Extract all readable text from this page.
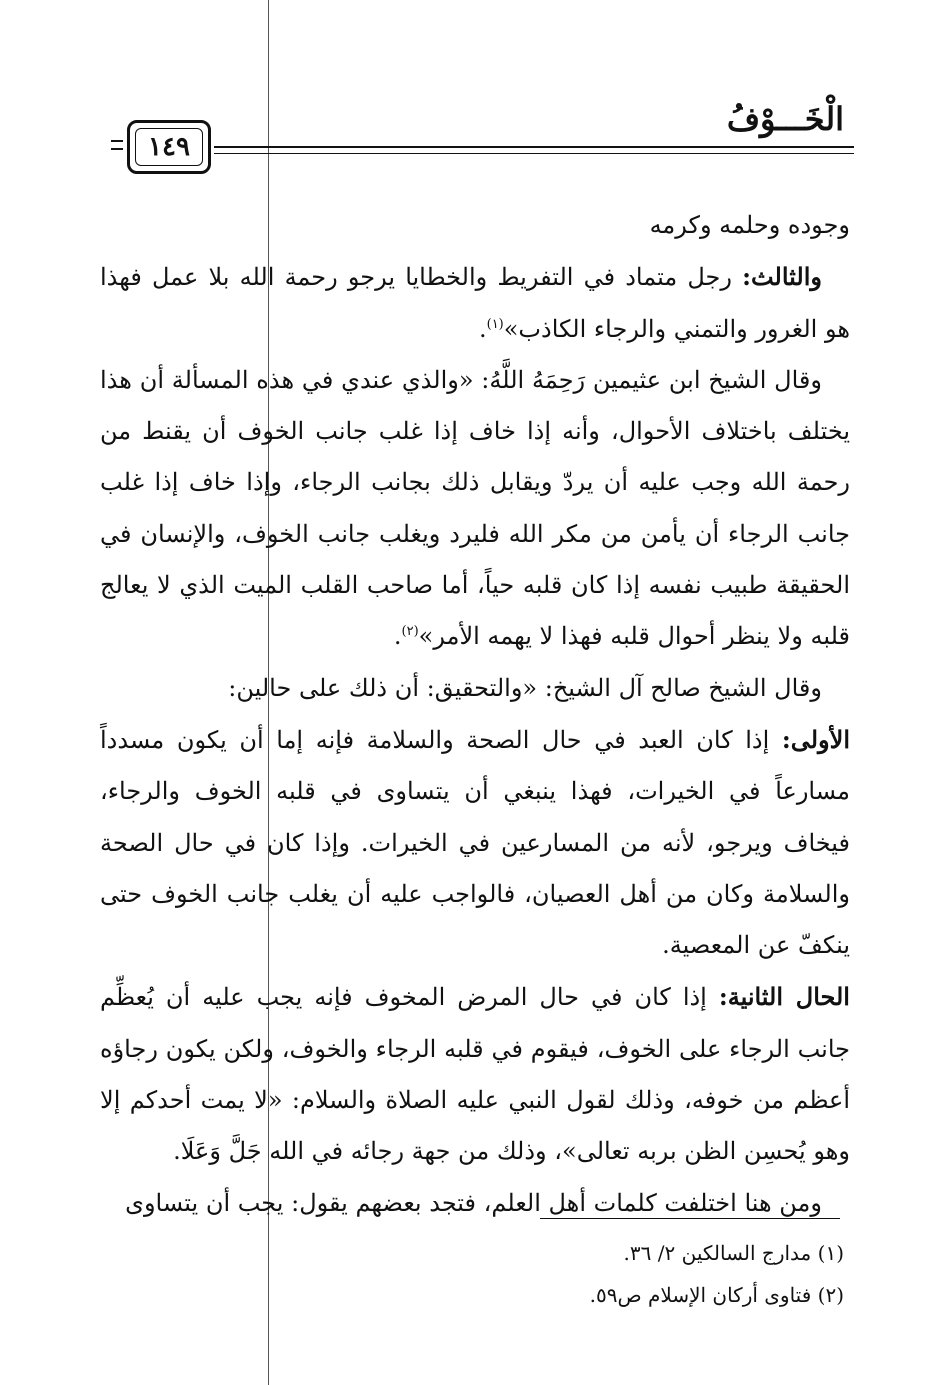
الْخَـــوْفُ
١٤٩

وجوده وحلمه وكرمه

والثالث: رجل متماد في التفريط والخطايا يرجو رحمة الله بلا عمل فهذا هو الغرور والتمني والرجاء الكاذب»$^{(١)}$.

وقال الشيخ ابن عثيمين رَحِمَهُ اللَّهُ: «والذي عندي في هذه المسألة أن هذا يختلف باختلاف الأحوال، وأنه إذا خاف إذا غلب جانب الخوف أن يقنط من رحمة الله وجب عليه أن يردّ ويقابل ذلك بجانب الرجاء، وإذا خاف إذا غلب جانب الرجاء أن يأمن من مكر الله فليرد ويغلب جانب الخوف، والإنسان في الحقيقة طبيب نفسه إذا كان قلبه حياً، أما صاحب القلب الميت الذي لا يعالج قلبه ولا ينظر أحوال قلبه فهذا لا يهمه الأمر»$^{(٢)}$.

وقال الشيخ صالح آل الشيخ: «والتحقيق: أن ذلك على حالين:

الأولى: إذا كان العبد في حال الصحة والسلامة فإنه إما أن يكون مسدداً مسارعاً في الخيرات، فهذا ينبغي أن يتساوى في قلبه الخوف والرجاء، فيخاف ويرجو، لأنه من المسارعين في الخيرات. وإذا كان في حال الصحة والسلامة وكان من أهل العصيان، فالواجب عليه أن يغلب جانب الخوف حتى ينكفّ عن المعصية.

الحال الثانية: إذا كان في حال المرض المخوف فإنه يجب عليه أن يُعظِّم جانب الرجاء على الخوف، فيقوم في قلبه الرجاء والخوف، ولكن يكون رجاؤه أعظم من خوفه، وذلك لقول النبي عليه الصلاة والسلام: «لا يمت أحدكم إلا وهو يُحسِن الظن بربه تعالى»، وذلك من جهة رجائه في الله جَلَّ وَعَلَا.

ومن هنا اختلفت كلمات أهل العلم، فتجد بعضهم يقول: يجب أن يتساوى

(١) مدارج السالكين ٢/ ٣٦.

(٢) فتاوى أركان الإسلام ص٥٩.
